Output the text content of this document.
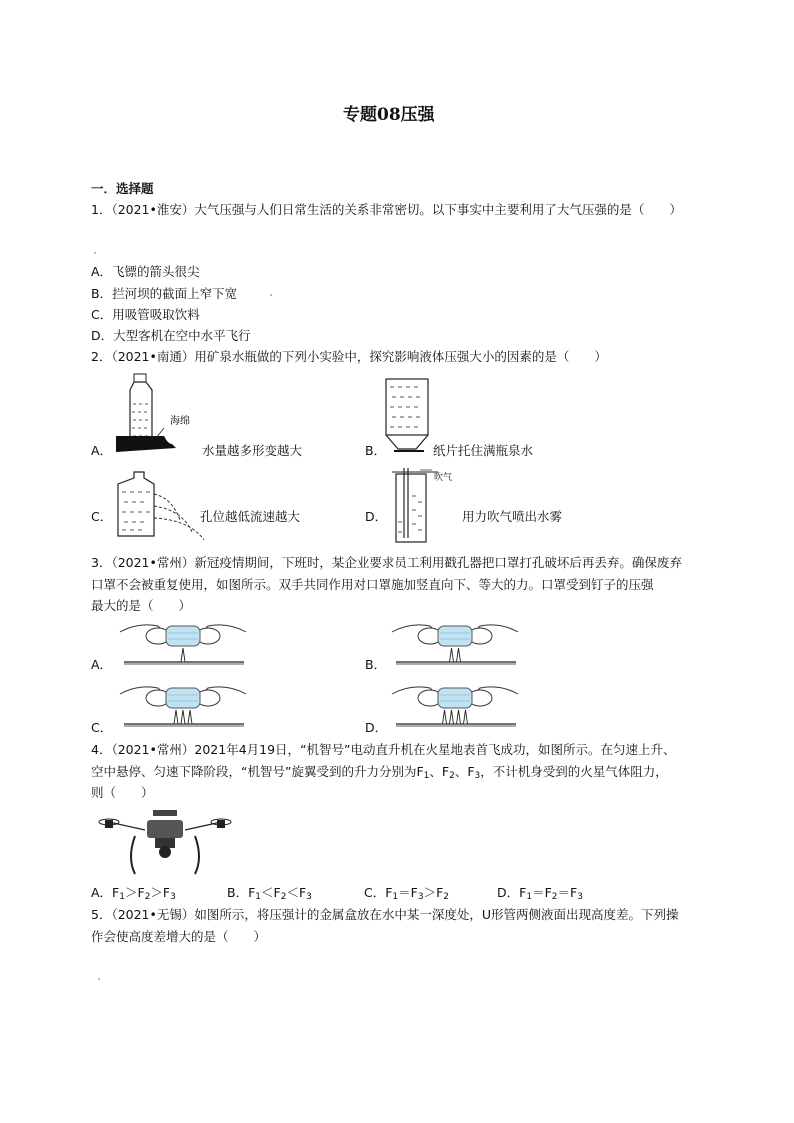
专题08压强
一．选择题
1．（2021•淮安）大气压强与人们日常生活的关系非常密切。以下事实中主要利用了大气压强的是（　　）
A．飞镖的箭头很尖
B．拦河坝的截面上窄下宽
C．用吸管吸取饮料
D．大型客机在空中水平飞行
2．（2021•南通）用矿泉水瓶做的下列小实验中，探究影响液体压强大小的因素的是（　　）
海绵
A．	水量越多形变越大	B．	纸片托住满瓶泉水
C．	孔位越低流速越大
吹气
D．	用力吹气喷出水雾
3．（2021•常州）新冠疫情期间，下班时，某企业要求员工利用戳孔器把口罩打孔破坏后再丢弃。确保废弃
口罩不会被重复使用，如图所示。双手共同作用对口罩施加竖直向下、等大的力。口罩受到钉子的压强
最大的是（　　）
A．	B．
C．	D．
4．（2021•常州）2021年4月19日，“机智号”电动直升机在火星地表首飞成功，如图所示。在匀速上升、
空中悬停、匀速下降阶段，“机智号”旋翼受到的升力分别为$F_1$、$F_2$、$F_3$，不计机身受到的火星气体阻力，
则（　　）
A．$F_1>F_2>F_3$	B．$F_1<F_2<F_3$	C．$F_1=F_3>F_2$	D．$F_1=F_2=F_3$
5．（2021•无锡）如图所示，将压强计的金属盒放在水中某一深度处，U形管两侧液面出现高度差。下列操
作会使高度差增大的是（　　）
